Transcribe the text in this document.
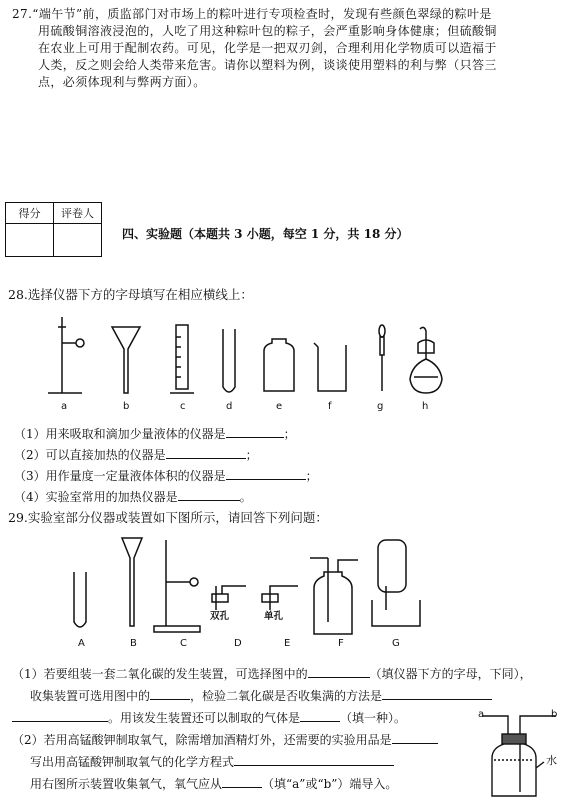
27.“端午节”前，质监部门对市场上的粽叶进行专项检查时，发现有些颜色翠绿的粽叶是

用硫酸铜溶液浸泡的，人吃了用这种粽叶包的粽子，会严重影响身体健康；但硫酸铜

在农业上可用于配制农药。可见，化学是一把双刃剑，合理利用化学物质可以造福于

人类，反之则会给人类带来危害。请你以塑料为例，谈谈使用塑料的利与弊（只答三

点，必须体现利与弊两方面）。

得分	评卷人

四、实验题（本题共 3 小题，每空 1 分，共 18 分）
28.选择仪器下方的字母填写在相应横线上：
a	b	c	d	e	f	g	h
（1）用来吸取和滴加少量液体的仪器是	；
（2）可以直接加热的仪器是	；
（3）用作量度一定量液体体积的仪器是	；
（4）实验室常用的加热仪器是	。
29.实验室部分仪器或装置如下图所示，请回答下列问题：
双孔	单孔
A	B	C	D	E	F	G
（1）若要组装一套二氧化碳的发生装置，可选择图中的	（填仪器下方的字母，下同），
收集装置可选用图中的	，检验二氧化碳是否收集满的方法是
。用该发生装置还可以制取的气体是	（填一种）。
（2）若用高锰酸钾制取氧气，除需增加酒精灯外，还需要的实验用品是
写出用高锰酸钾制取氧气的化学方程式
用右图所示装置收集氧气，氧气应从	（填“a”或“b”）端导入。
a	b
水
